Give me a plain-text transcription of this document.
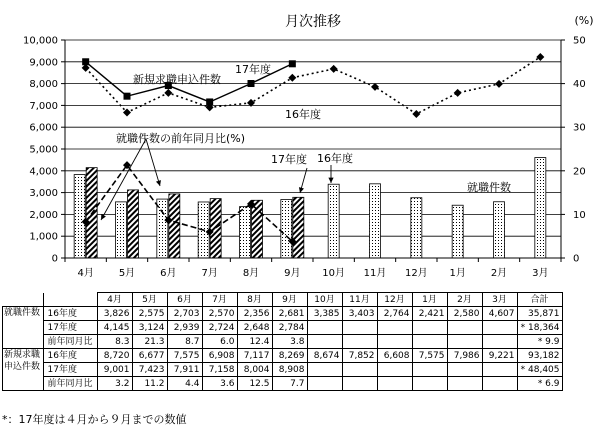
0
1,000
2,000
3,000
4,000
5,000
6,000
7,000
8,000
9,000
10,000
0
10
20
30
40
50
4月 5月 6月 7月 8月 9月 10月 11月 12月 1月 2月 3月
月次推移	(%)
17年度
新規求職申込件数
16年度
就職件数の前年同月比(%)
17年度 16年度
就職件数
		4月	5月	6月	7月	8月	9月	10月	11月	12月	1月	2月	3月	合計

就職件数	16年度	3,826	2,575	2,703	2,570	2,356	2,681	3,385	3,403	2,764	2,421	2,580	4,607	35,871
	17年度	4,145	3,124	2,939	2,724	2,648	2,784							* 18,364
	前年同月比	8.3	21.3	8.7	6.0	12.4	3.8							* 9.9

新規求職
申込件数	16年度	8,720	6,677	7,575	6,908	7,117	8,269	8,674	7,852	6,608	7,575	7,986	9,221	93,182
	17年度	9,001	7,423	7,911	7,158	8,004	8,908							* 48,405
	前年同月比	3.2	11.2	4.4	3.6	12.5	7.7							* 6.9
*：17年度は４月から９月までの数値
